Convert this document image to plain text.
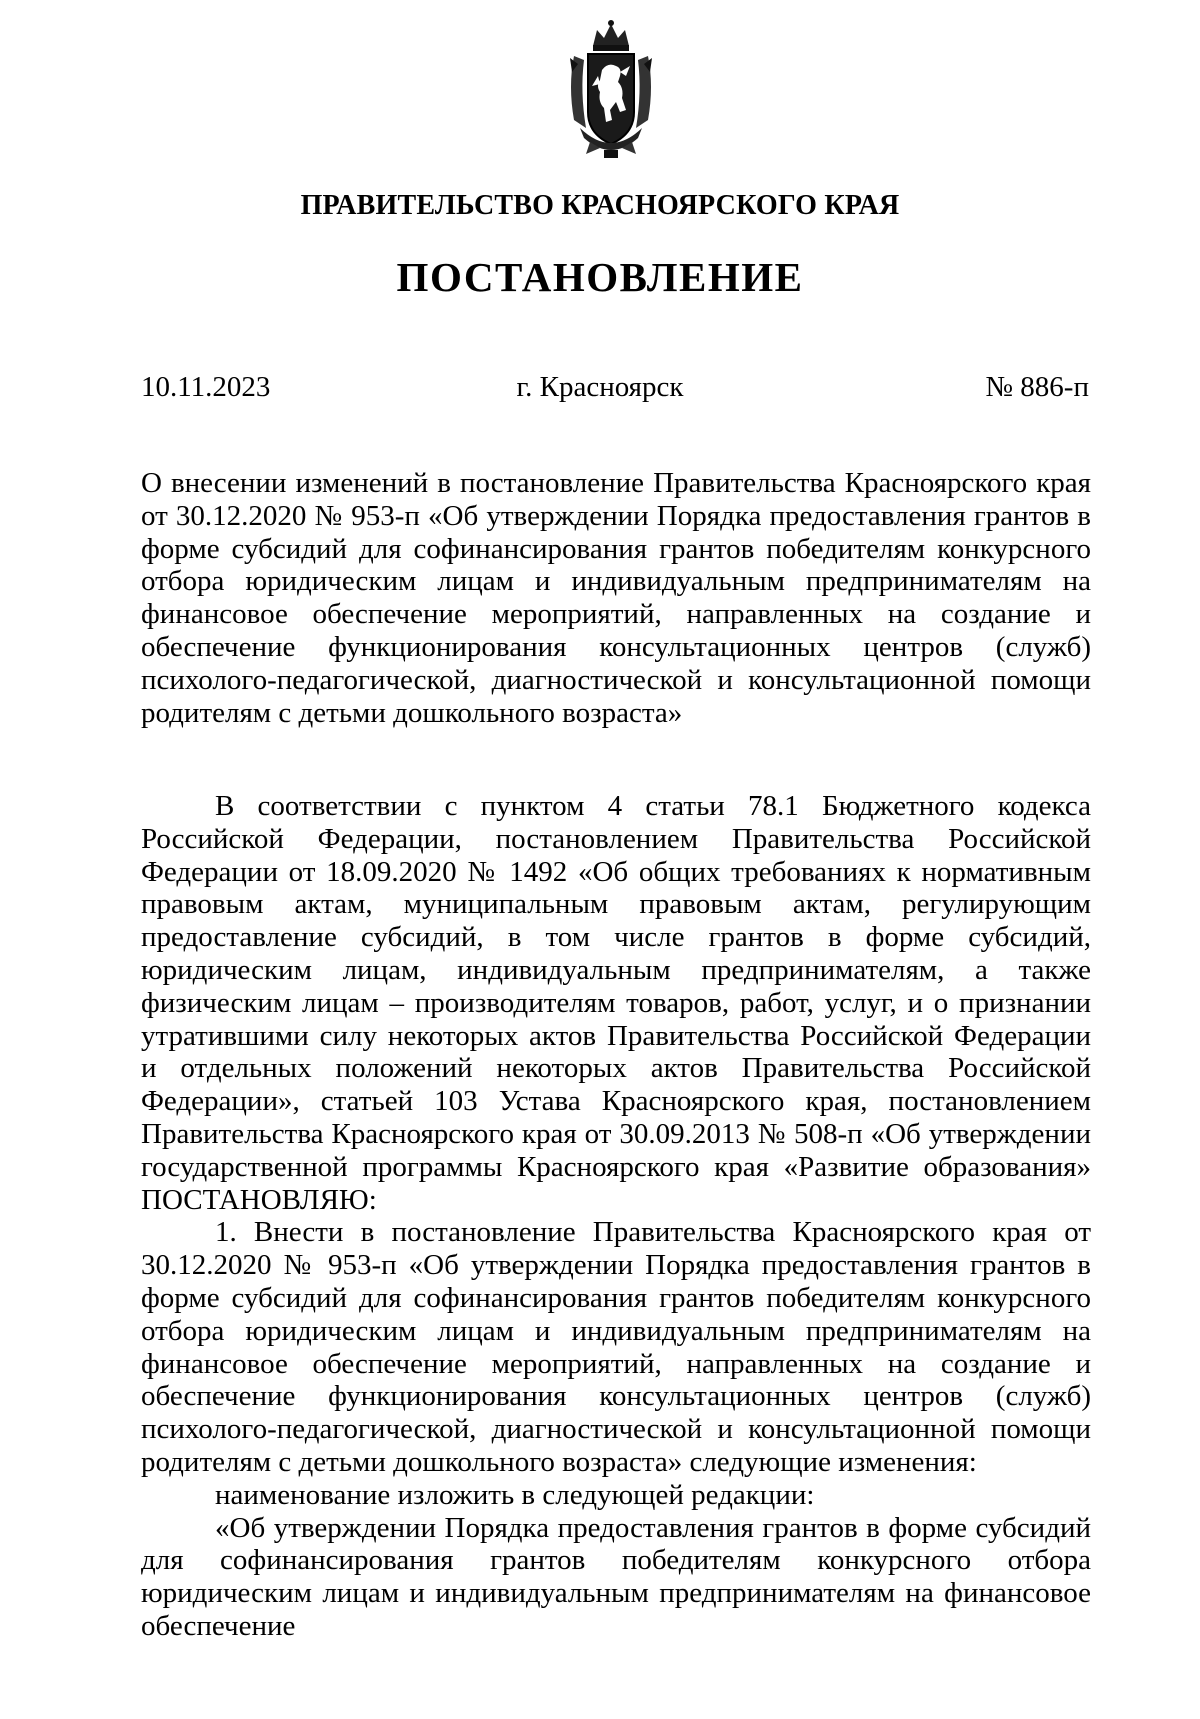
ПРАВИТЕЛЬСТВО КРАСНОЯРСКОГО КРАЯ
ПОСТАНОВЛЕНИЕ
10.11.2023	г. Красноярск	№ 886-п

О внесении изменений в постановление Правительства Красноярского края от 30.12.2020 № 953-п «Об утверждении Порядка предоставления грантов в форме субсидий для софинансирования грантов победителям конкурсного отбора юридическим лицам и индивидуальным предпринимателям на финансовое обеспечение мероприятий, направленных на создание и обеспечение функционирования консультационных центров (служб) психолого-педагогической, диагностической и консультационной помощи родителям с детьми дошкольного возраста»

В соответствии с пунктом 4 статьи 78.1 Бюджетного кодекса Российской Федерации, постановлением Правительства Российской Федерации от 18.09.2020 № 1492 «Об общих требованиях к нормативным правовым актам, муниципальным правовым актам, регулирующим предоставление субсидий, в том числе грантов в форме субсидий, юридическим лицам, индивидуальным предпринимателям, а также физическим лицам – производителям товаров, работ, услуг, и о признании утратившими силу некоторых актов Правительства Российской Федерации и отдельных положений некоторых актов Правительства Российской Федерации», статьей 103 Устава Красноярского края, постановлением Правительства Красноярского края от 30.09.2013 № 508-п «Об утверждении государственной программы Красноярского края «Развитие образования» ПОСТАНОВЛЯЮ:

1. Внести в постановление Правительства Красноярского края от 30.12.2020 № 953-п «Об утверждении Порядка предоставления грантов в форме субсидий для софинансирования грантов победителям конкурсного отбора юридическим лицам и индивидуальным предпринимателям на финансовое обеспечение мероприятий, направленных на создание и обеспечение функционирования консультационных центров (служб) психолого-педагогической, диагностической и консультационной помощи родителям с детьми дошкольного возраста» следующие изменения:

наименование изложить в следующей редакции:

«Об утверждении Порядка предоставления грантов в форме субсидий для софинансирования грантов победителям конкурсного отбора юридическим лицам и индивидуальным предпринимателям на финансовое обеспечение
